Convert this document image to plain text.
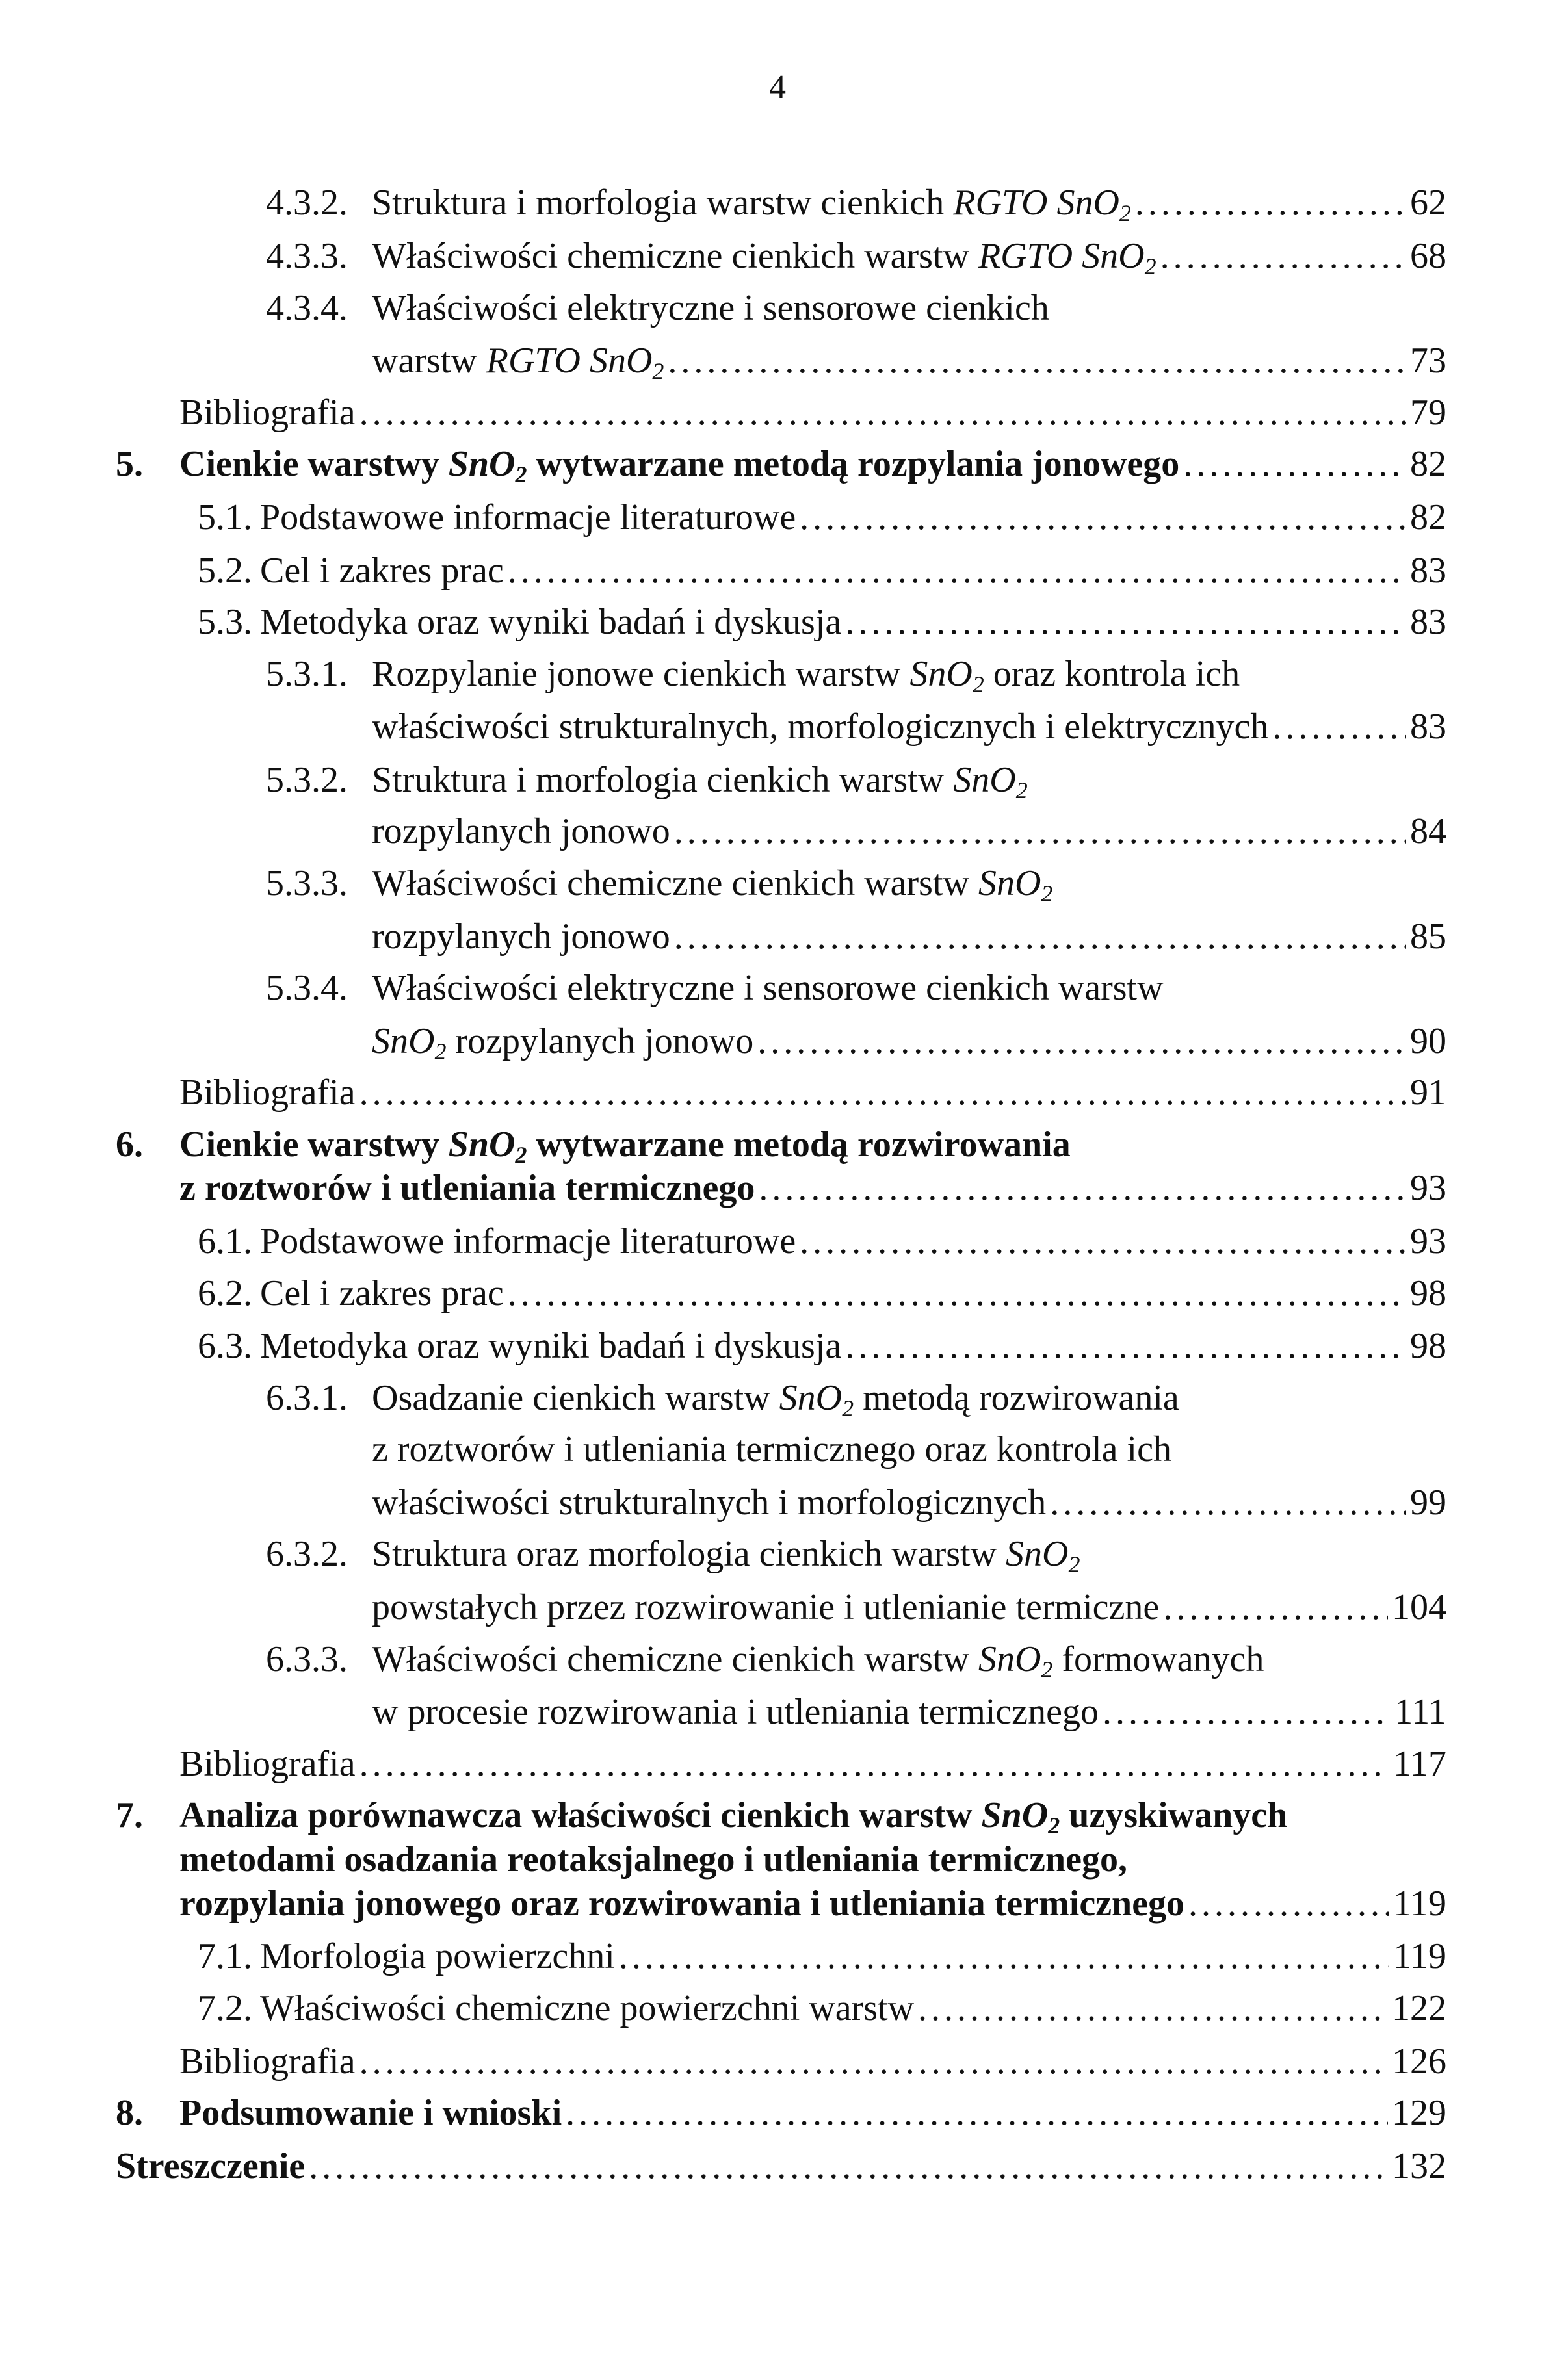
4
4.3.2. Struktura i morfologia warstw cienkich RGTO SnO$_2$ .....	62
4.3.3. Właściwości chemiczne cienkich warstw RGTO SnO$_2$ .....	68
4.3.4. Właściwości elektryczne i sensorowe cienkich
warstw RGTO SnO$_2$ .....	73
Bibliografia .....	79
5. Cienkie warstwy SnO$_2$ wytwarzane metodą rozpylania jonowego .....	82
5.1. Podstawowe informacje literaturowe .....	82
5.2. Cel i zakres prac .....	83
5.3. Metodyka oraz wyniki badań i dyskusja .....	83
5.3.1. Rozpylanie jonowe cienkich warstw SnO$_2$ oraz kontrola ich
właściwości strukturalnych, morfologicznych i elektrycznych .....	83
5.3.2. Struktura i morfologia cienkich warstw SnO$_2$
rozpylanych jonowo .....	84
5.3.3. Właściwości chemiczne cienkich warstw SnO$_2$
rozpylanych jonowo .....	85
5.3.4. Właściwości elektryczne i sensorowe cienkich warstw
SnO$_2$ rozpylanych jonowo .....	90
Bibliografia .....	91
6. Cienkie warstwy SnO$_2$ wytwarzane metodą rozwirowania
z roztworów i utleniania termicznego .....	93
6.1. Podstawowe informacje literaturowe .....	93
6.2. Cel i zakres prac .....	98
6.3. Metodyka oraz wyniki badań i dyskusja .....	98
6.3.1. Osadzanie cienkich warstw SnO$_2$ metodą rozwirowania
z roztworów i utleniania termicznego oraz kontrola ich
właściwości strukturalnych i morfologicznych .....	99
6.3.2. Struktura oraz morfologia cienkich warstw SnO$_2$
powstałych przez rozwirowanie i utlenianie termiczne .....	104
6.3.3. Właściwości chemiczne cienkich warstw SnO$_2$ formowanych
w procesie rozwirowania i utleniania termicznego .....	111
Bibliografia .....	117
7. Analiza porównawcza właściwości cienkich warstw SnO$_2$ uzyskiwanych
metodami osadzania reotaksjalnego i utleniania termicznego,
rozpylania jonowego oraz rozwirowania i utleniania termicznego .....	119
7.1. Morfologia powierzchni .....	119
7.2. Właściwości chemiczne powierzchni warstw .....	122
Bibliografia .....	126
8. Podsumowanie i wnioski .....	129
Streszczenie .....	132
